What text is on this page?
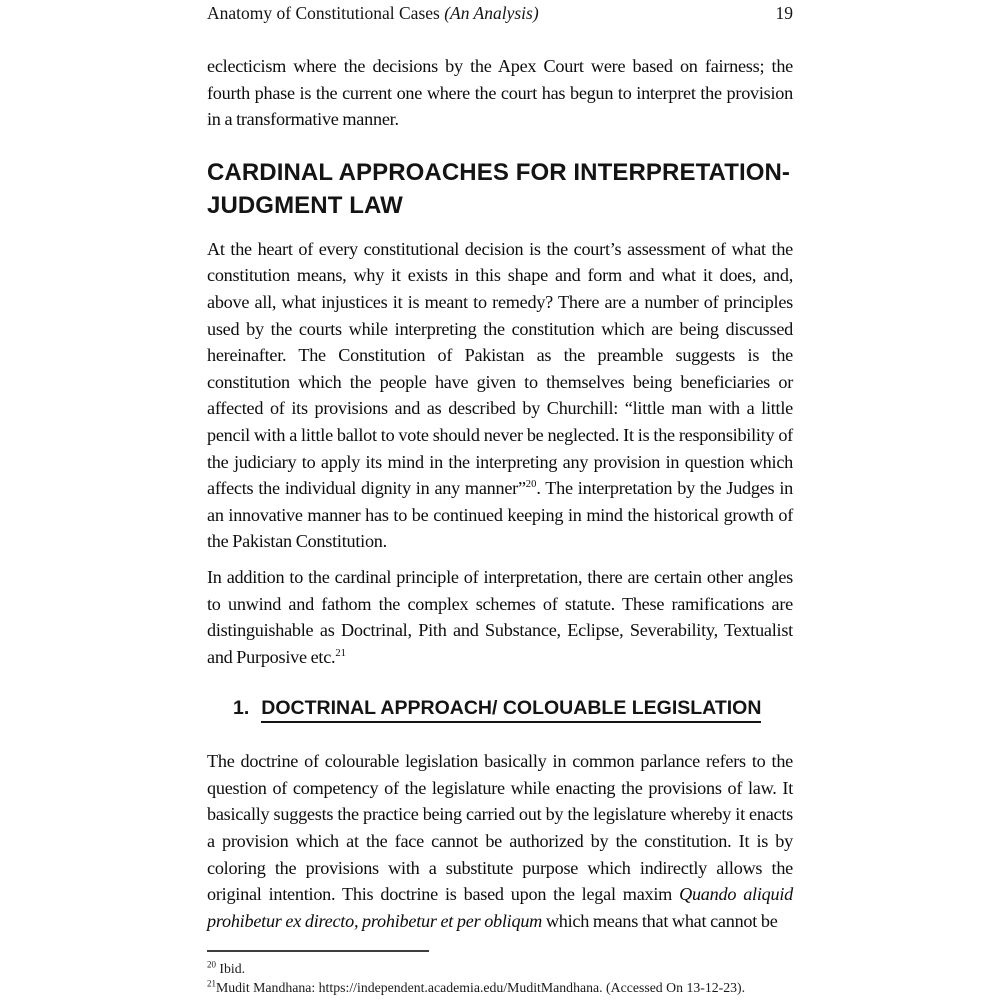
Anatomy of Constitutional Cases (An Analysis)	19

eclecticism where the decisions by the Apex Court were based on fairness; the fourth phase is the current one where the court has begun to interpret the provision in a transformative manner.

CARDINAL APPROACHES FOR INTERPRETATION-JUDGMENT LAW

At the heart of every constitutional decision is the court’s assessment of what the constitution means, why it exists in this shape and form and what it does, and, above all, what injustices it is meant to remedy? There are a number of principles used by the courts while interpreting the constitution which are being discussed hereinafter. The Constitution of Pakistan as the preamble suggests is the constitution which the people have given to themselves being beneficiaries or affected of its provisions and as described by Churchill: “little man with a little pencil with a little ballot to vote should never be neglected. It is the responsibility of the judiciary to apply its mind in the interpreting any provision in question which affects the individual dignity in any manner”$^{20}$. The interpretation by the Judges in an innovative manner has to be continued keeping in mind the historical growth of the Pakistan Constitution.

In addition to the cardinal principle of interpretation, there are certain other angles to unwind and fathom the complex schemes of statute. These ramifications are distinguishable as Doctrinal, Pith and Substance, Eclipse, Severability, Textualist and Purposive etc.$^{21}$

1. DOCTRINAL APPROACH/ COLOUABLE LEGISLATION

The doctrine of colourable legislation basically in common parlance refers to the question of competency of the legislature while enacting the provisions of law. It basically suggests the practice being carried out by the legislature whereby it enacts a provision which at the face cannot be authorized by the constitution. It is by coloring the provisions with a substitute purpose which indirectly allows the original intention. This doctrine is based upon the legal maxim Quando aliquid prohibetur ex directo, prohibetur et per obliqum which means that what cannot be

$^{20}$ Ibid.
$^{21}$Mudit Mandhana: https://independent.academia.edu/MuditMandhana. (Accessed On 13-12-23).
